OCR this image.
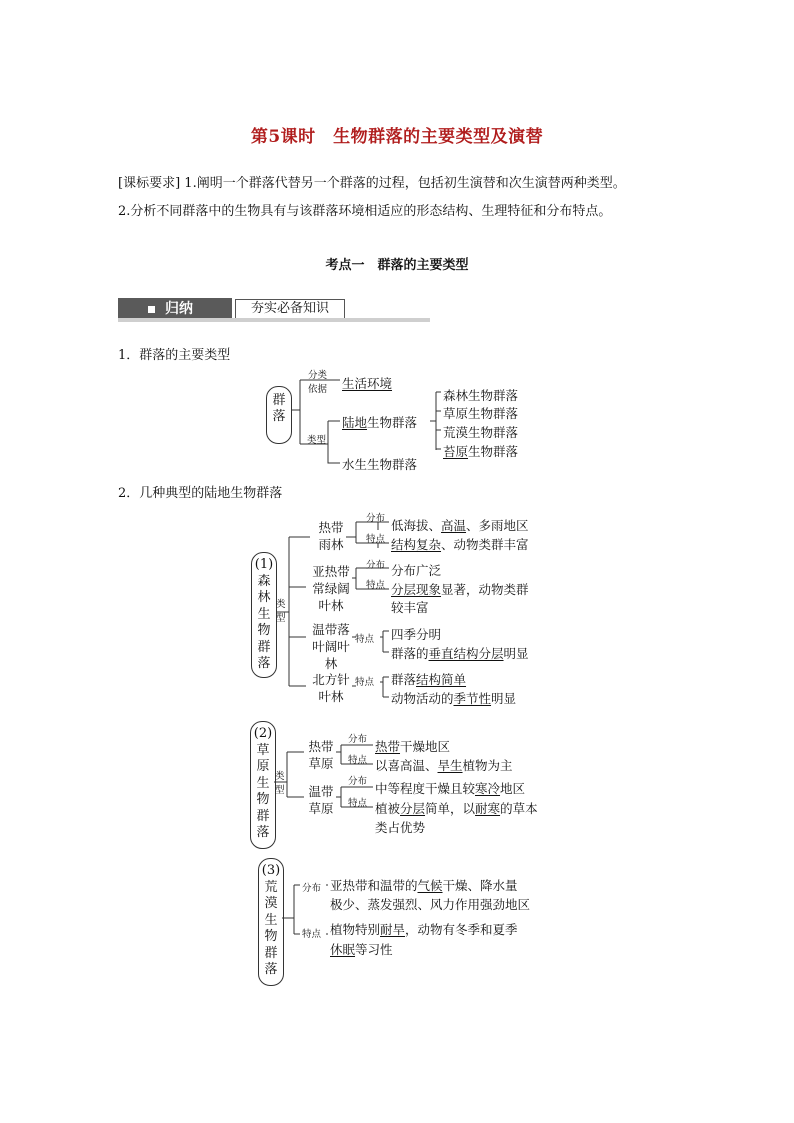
第5课时　生物群落的主要类型及演替
[课标要求] 1.阐明一个群落代替另一个群落的过程，包括初生演替和次生演替两种类型。
2.分析不同群落中的生物具有与该群落环境相适应的形态结构、生理特征和分布特点。
考点一　群落的主要类型
归纳	夯实必备知识
1．群落的主要类型
群落
分类依据 生活环境
类型
陆地生物群落
水生生物群落
森林生物群落
草原生物群落
荒漠生物群落
苔原生物群落
2．几种典型的陆地生物群落
(1)
森
林
生
物
群
落
类型
热带雨林
分布
特点
低海拔、高温、多雨地区
结构复杂、动物类群丰富
亚热带常绿阔叶林
分布
特点
分布广泛
分层现象显著，动物类群
较丰富
温带落叶阔叶林
特点 四季分明
群落的垂直结构分层明显
北方针叶林
特点 群落结构简单
动物活动的季节性明显
(2)
草
原
生
物
群
落
类型
热带草原
分布
特点
热带干燥地区
以喜高温、旱生植物为主
温带草原
分布
特点
中等程度干燥且较寒冷地区
植被分层简单，以耐寒的草本
类占优势
(3)
荒
漠
生
物
群
落
分布
特点
亚热带和温带的气候干燥、降水量
极少、蒸发强烈、风力作用强劲地区
植物特别耐旱，动物有冬季和夏季
休眠等习性
